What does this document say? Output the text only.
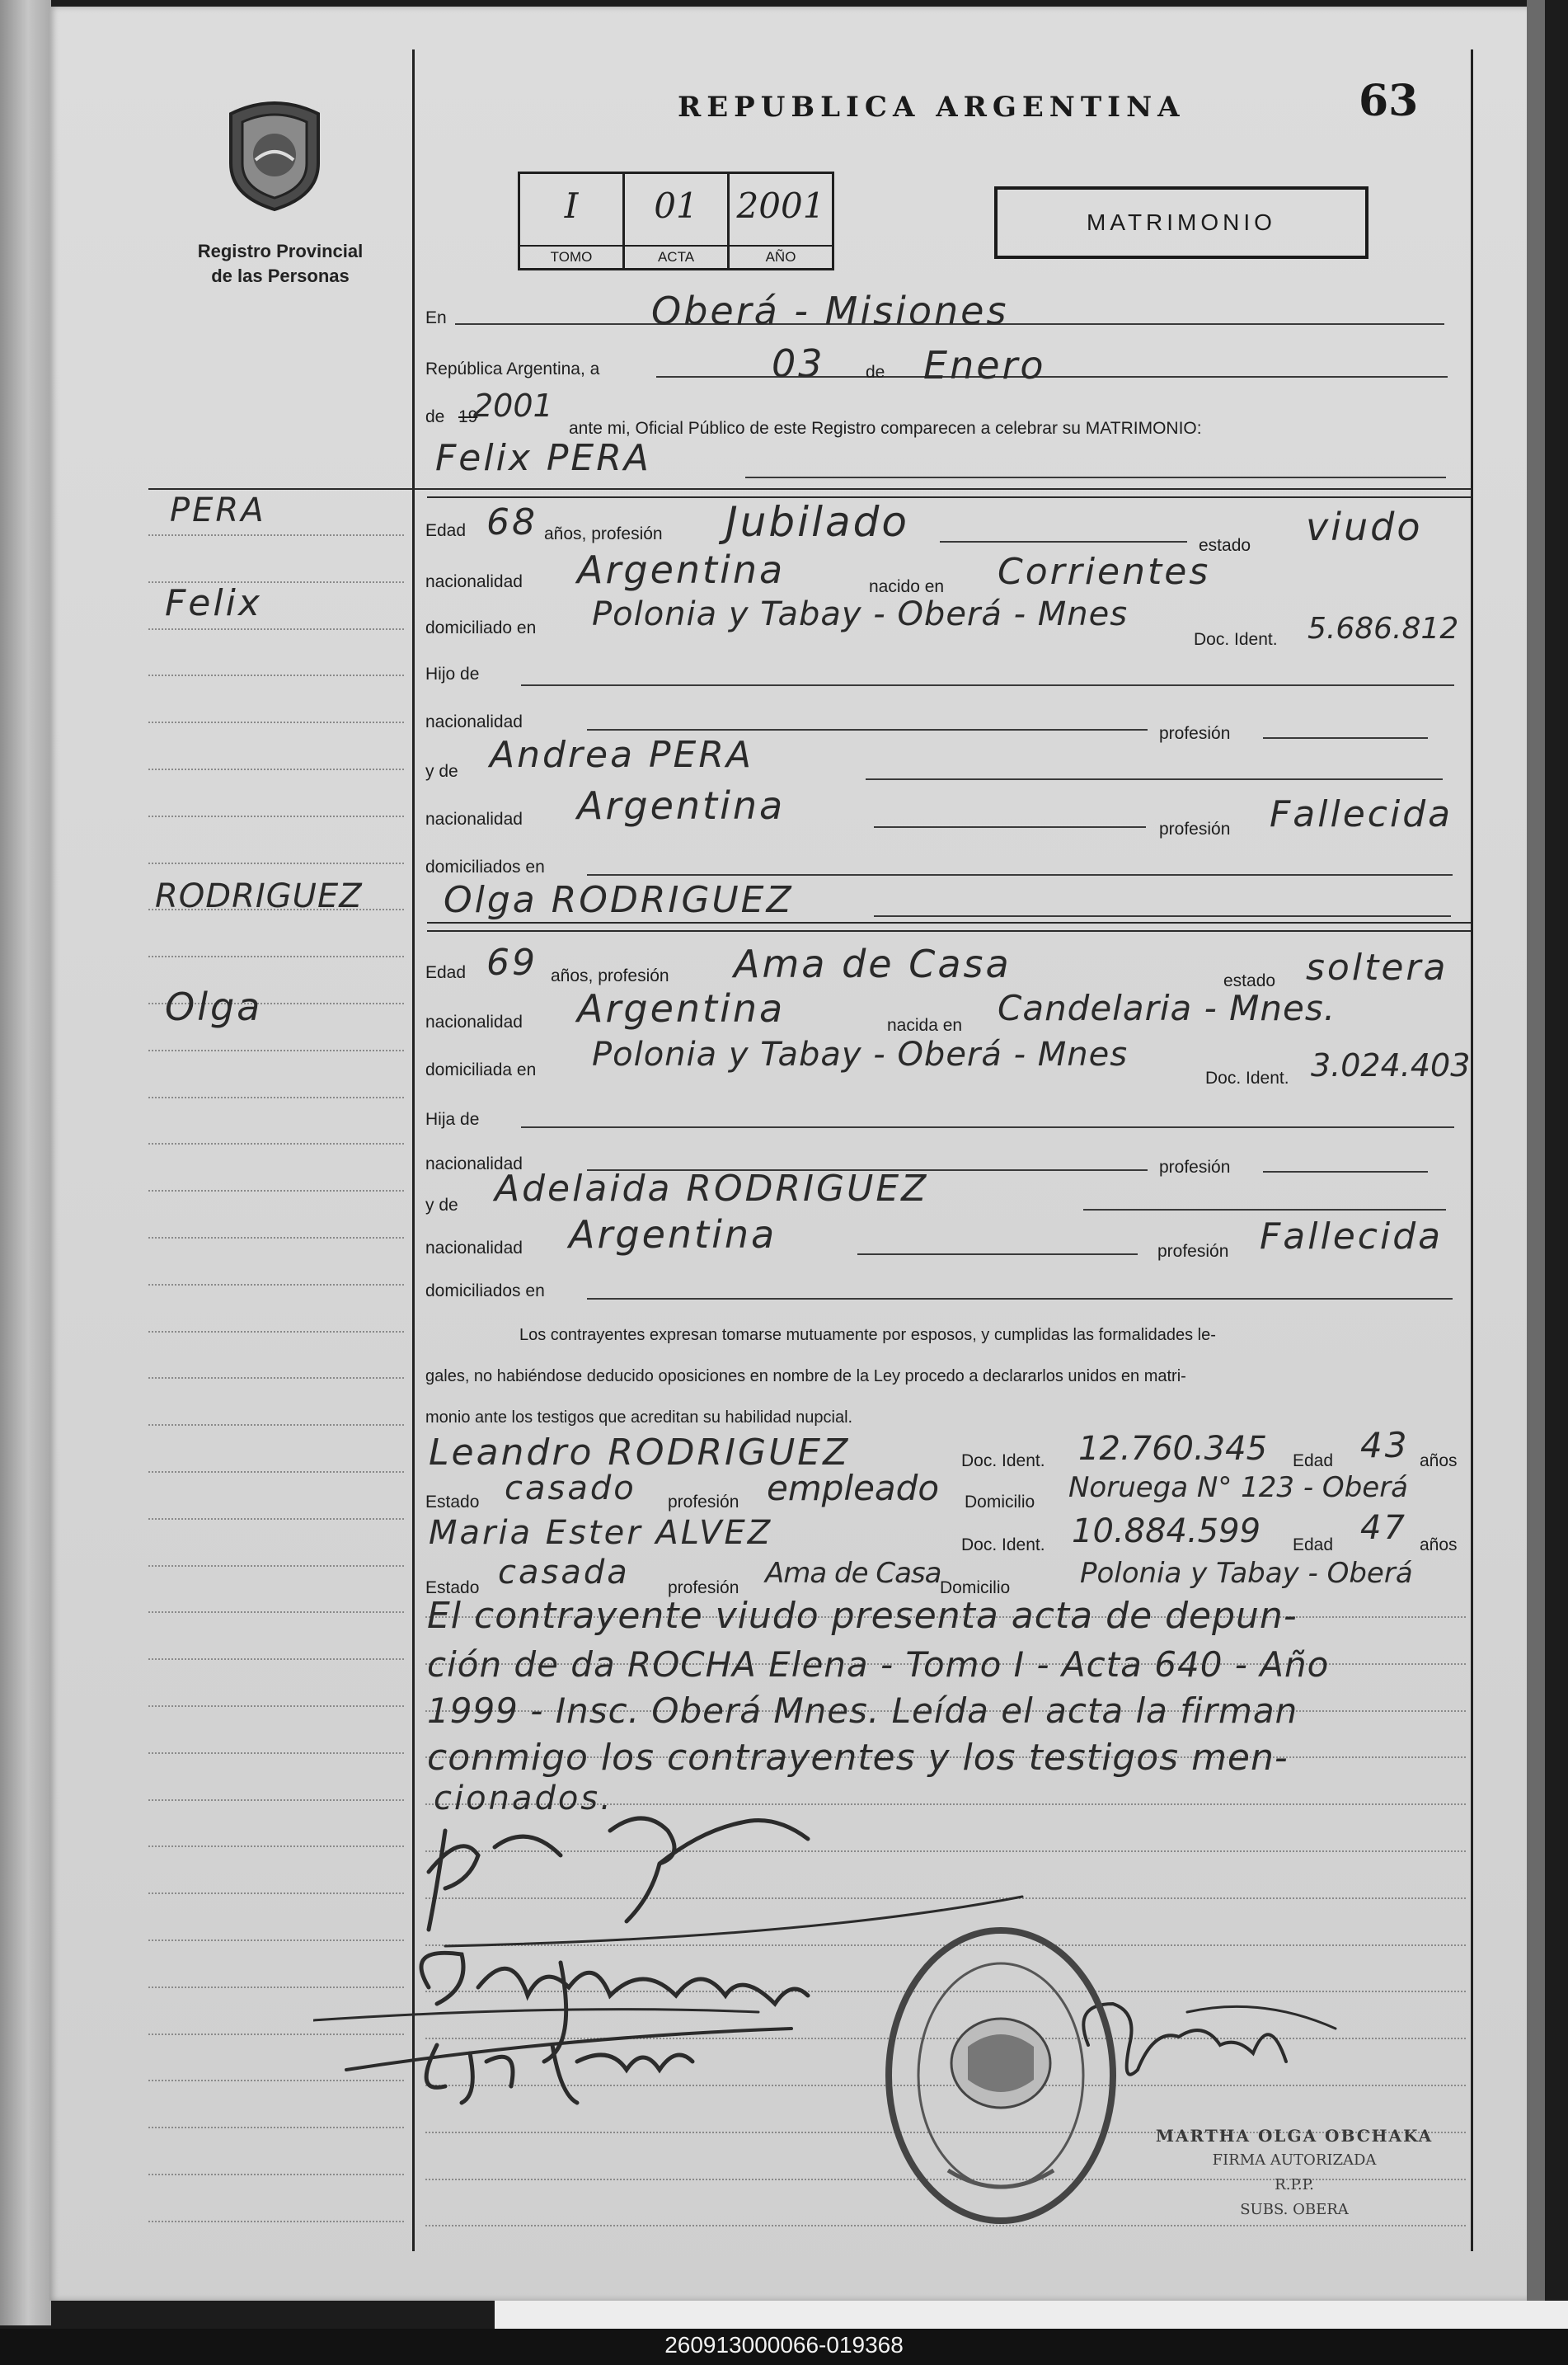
REPUBLICA ARGENTINA	63
Registro Provincial
de las Personas
I
TOMO
01
ACTA
2001
AÑO
MATRIMONIO
En	Oberá - Misiones
República Argentina, a	03 de Enero
de 19
2001
ante mi, Oficial Público de este Registro comparecen a celebrar su MATRIMONIO:
PERA
Felix
RODRIGUEZ
Olga
Felix PERA
Edad 68 años, profesión Jubilado	estado viudo
nacionalidad Argentina	nacido en Corrientes
domiciliado en Polonia y Tabay - Oberá - Mnes
Doc. Ident. 5.686.812
Hijo de
nacionalidad
profesión
y de Andrea PERA
nacionalidad Argentina
profesión Fallecida
domiciliados en
Olga RODRIGUEZ
Edad 69 años, profesión Ama de Casa	estado soltera
nacionalidad Argentina	nacida en Candelaria - Mnes.
domiciliada en Polonia y Tabay - Oberá - Mnes
Doc. Ident. 3.024.403
Hija de
nacionalidad	profesión
y de Adelaida RODRIGUEZ
nacionalidad Argentina	profesión Fallecida
domiciliados en
Los contrayentes expresan tomarse mutuamente por esposos, y cumplidas las formalidades le-
gales, no habiéndose deducido oposiciones en nombre de la Ley procedo a declararlos unidos en matri-
monio ante los testigos que acreditan su habilidad nupcial.
Leandro RODRIGUEZ	Doc. Ident. 12.760.345 Edad 43 años
Estado casado profesión empleado Domicilio Noruega N° 123 - Oberá
Maria Ester ALVEZ	Doc. Ident. 10.884.599 Edad 47 años
Estado casada profesión Ama de Casa
Domicilio Polonia y Tabay - Oberá
El contrayente viudo presenta acta de depun-
ción de da ROCHA Elena - Tomo I - Acta 640 - Año
1999 - Insc. Oberá Mnes. Leída el acta la firman
conmigo los contrayentes y los testigos men-
cionados.
MARTHA OLGA OBCHAKA
FIRMA AUTORIZADA
R.P.P.
SUBS. OBERA
260913000066-019368
